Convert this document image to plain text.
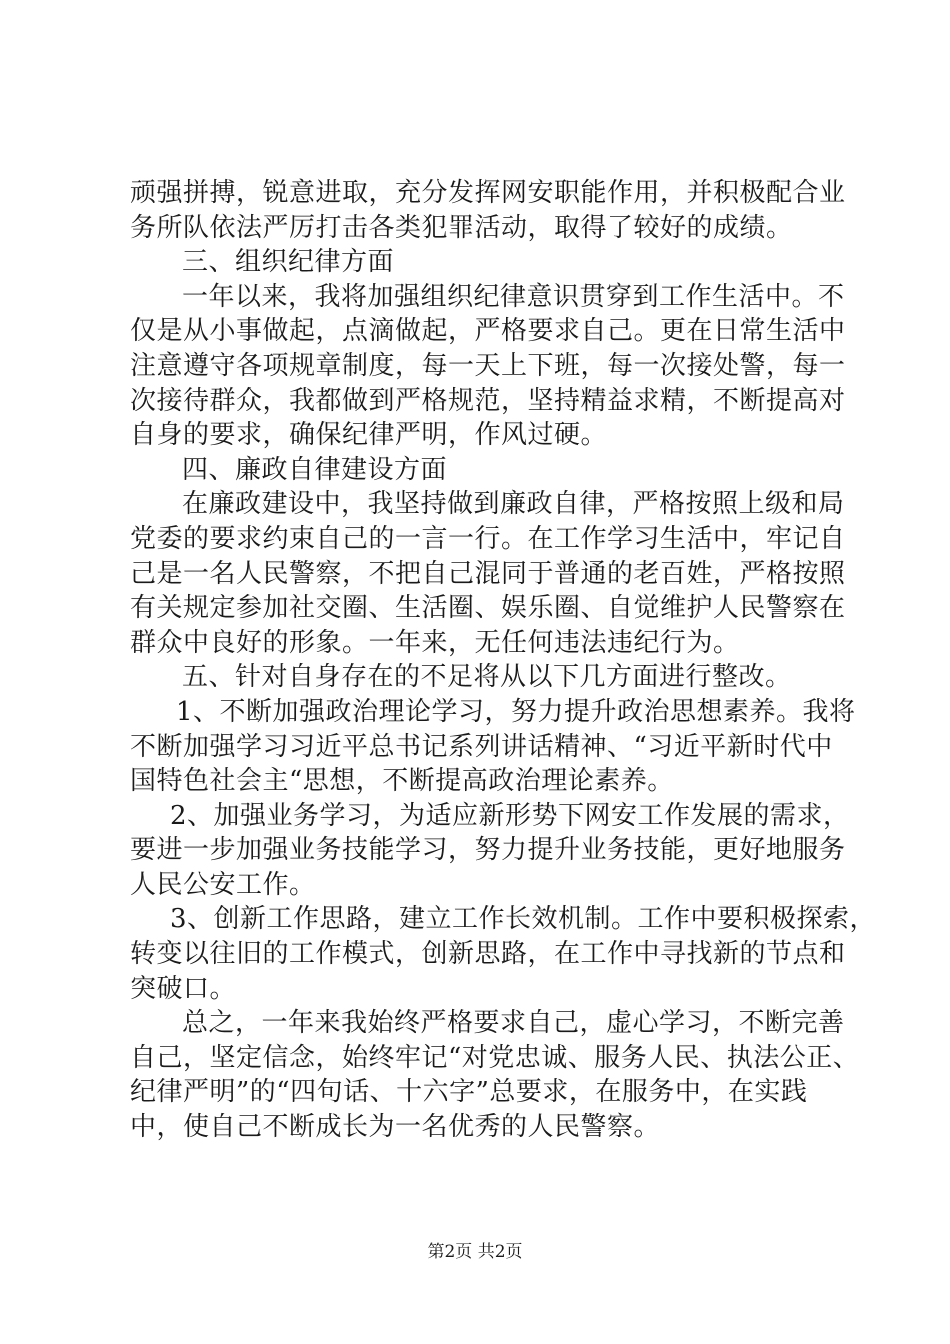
顽强拼搏，锐意进取，充分发挥网安职能作用，并积极配合业
务所队依法严厉打击各类犯罪活动，取得了较好的成绩。
三、组织纪律方面
一年以来，我将加强组织纪律意识贯穿到工作生活中。不
仅是从小事做起，点滴做起，严格要求自己。更在日常生活中
注意遵守各项规章制度，每一天上下班，每一次接处警，每一
次接待群众，我都做到严格规范，坚持精益求精，不断提高对
自身的要求，确保纪律严明，作风过硬。
四、廉政自律建设方面
在廉政建设中，我坚持做到廉政自律，严格按照上级和局
党委的要求约束自己的一言一行。在工作学习生活中，牢记自
己是一名人民警察，不把自己混同于普通的老百姓，严格按照
有关规定参加社交圈、生活圈、娱乐圈、自觉维护人民警察在
群众中良好的形象。一年来，无任何违法违纪行为。
五、针对自身存在的不足将从以下几方面进行整改。
1、不断加强政治理论学习，努力提升政治思想素养。我将
不断加强学习习近平总书记系列讲话精神、“习近平新时代中
国特色社会主“思想，不断提高政治理论素养。
2、加强业务学习，为适应新形势下网安工作发展的需求，
要进一步加强业务技能学习，努力提升业务技能，更好地服务
人民公安工作。
3、创新工作思路，建立工作长效机制。工作中要积极探索，
转变以往旧的工作模式，创新思路，在工作中寻找新的节点和
突破口。
总之，一年来我始终严格要求自己，虚心学习，不断完善
自己，坚定信念，始终牢记“对党忠诚、服务人民、执法公正、
纪律严明”的“四句话、十六字”总要求，在服务中，在实践
中，使自己不断成长为一名优秀的人民警察。
第2页 共2页
